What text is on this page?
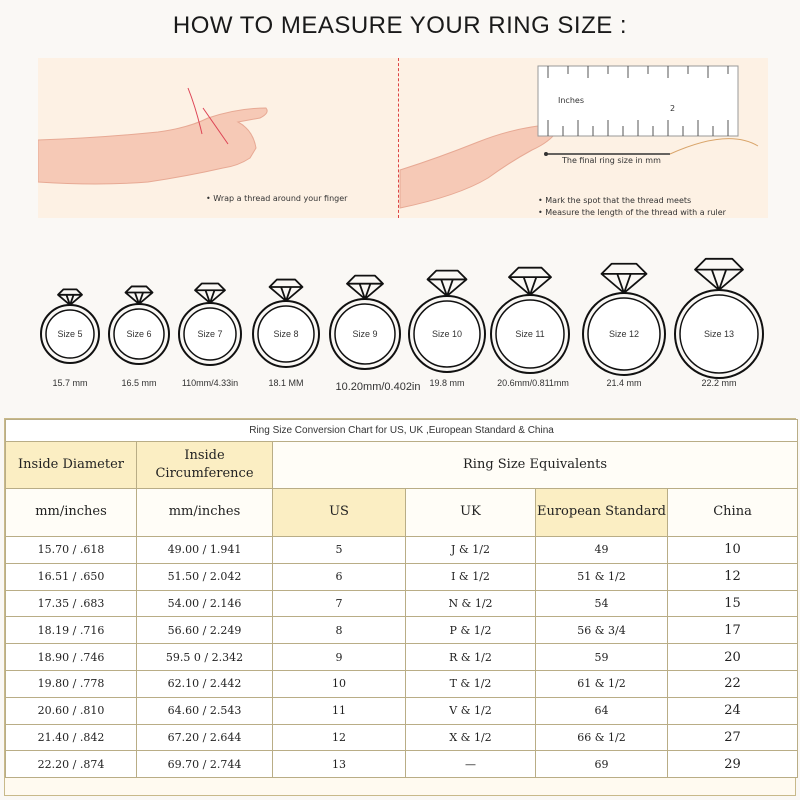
HOW TO MEASURE YOUR RING SIZE :
Inches
2
The final ring size in mm
• Wrap a thread around your finger	• Mark the spot that the thread meets
• Measure the length of the thread with a ruler
Size 5	Size 6	Size 7	Size 8	Size 9	Size 10	Size 11	Size 12	Size 13
15.7 mm	16.5 mm	110mm/4.33in	18.1 MM	10.20mm/0.402in 19.8 mm	20.6mm/0.811mm	21.4 mm	22.2 mm
Ring Size Conversion Chart for US, UK ,European Standard & China					
Inside Diameter	Inside Circumference	Ring Size Equivalents			
mm/inches	mm/inches	US	UK	European Standard	China
15.70 / .618	49.00 / 1.941	5	J & 1/2	49	10
16.51 / .650	51.50 / 2.042	6	I & 1/2	51 & 1/2	12
17.35 / .683	54.00 / 2.146	7	N & 1/2	54	15
18.19 / .716	56.60 / 2.249	8	P & 1/2	56 & 3/4	17
18.90 / .746	59.5 0 / 2.342	9	R & 1/2	59	20
19.80 / .778	62.10 / 2.442	10	T & 1/2	61 & 1/2	22
20.60 / .810	64.60 / 2.543	11	V & 1/2	64	24
21.40 / .842	67.20 / 2.644	12	X & 1/2	66 & 1/2	27
22.20 / .874	69.70 / 2.744	13	—	69	29
